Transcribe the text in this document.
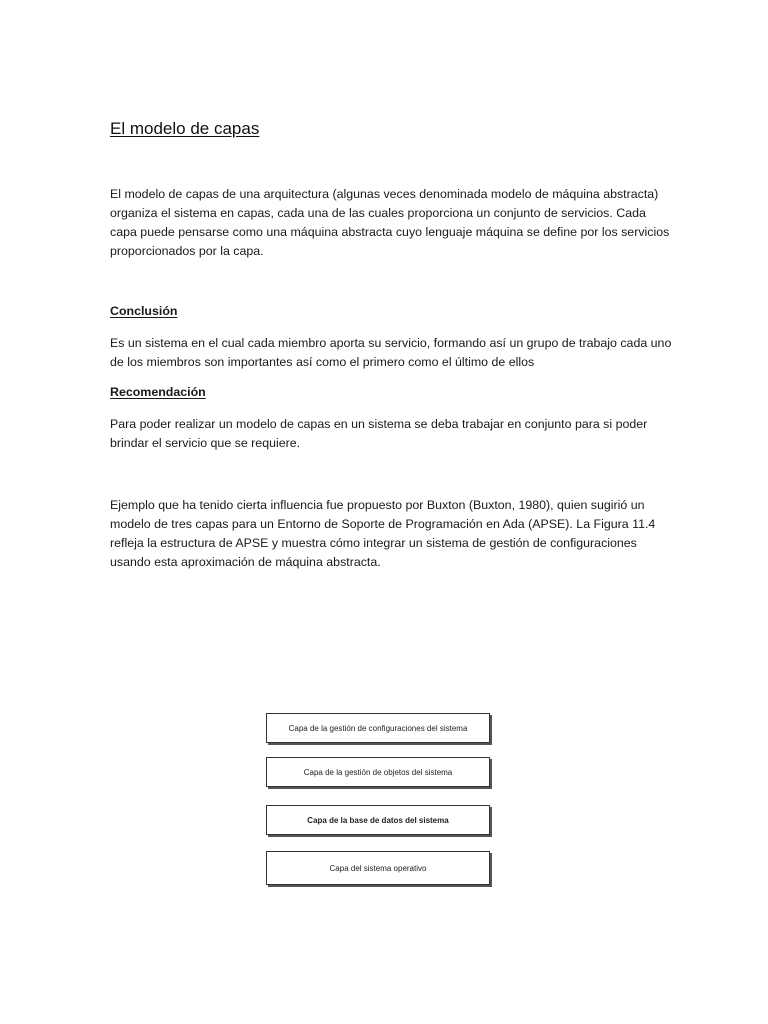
El modelo de capas

El modelo de capas de una arquitectura (algunas veces denominada modelo de máquina abstracta) organiza el sistema en capas, cada una de las cuales proporciona un conjunto de servicios. Cada capa puede pensarse como una máquina abstracta cuyo lenguaje máquina se define por los servicios proporcionados por la capa.

Conclusión

Es un sistema en el cual cada miembro aporta su servicio, formando así un grupo de trabajo cada uno de los miembros son importantes así como el primero como el último de ellos

Recomendación

Para poder realizar un modelo de capas en un sistema se deba trabajar en conjunto para si poder brindar el servicio que se requiere.

Ejemplo que ha tenido cierta influencia fue propuesto por Buxton (Buxton, 1980), quien sugirió un modelo de tres capas para un Entorno de Soporte de Programación en Ada (APSE). La Figura 11.4 refleja la estructura de APSE y muestra cómo integrar un sistema de gestión de configuraciones usando esta aproximación de máquina abstracta.

Capa de la gestión de configuraciones del sistema
Capa de la gestión de objetos del sistema
Capa de la base de datos del sistema
Capa del sistema operativo
